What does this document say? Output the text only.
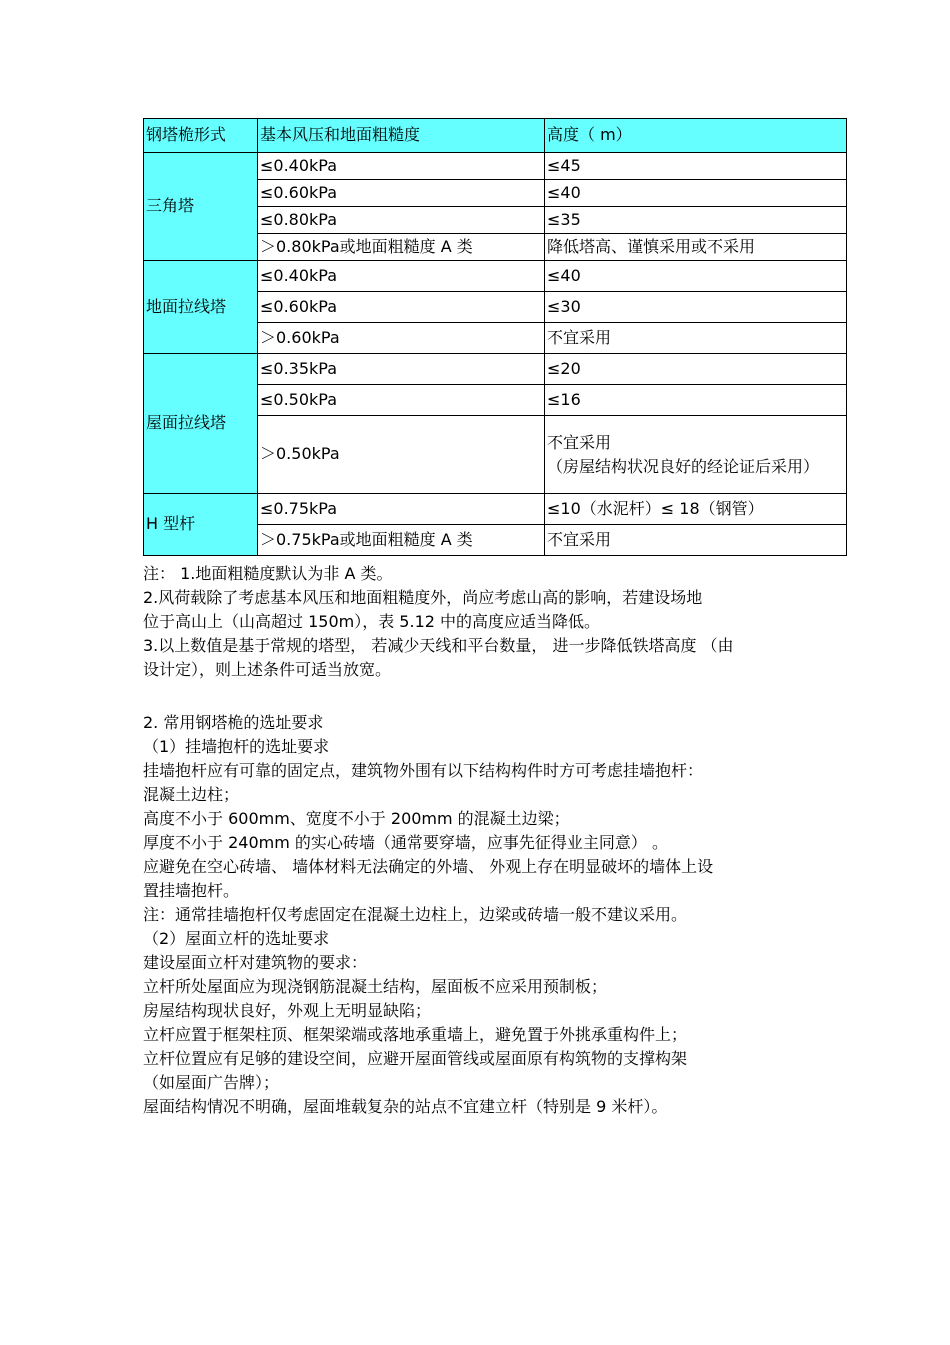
钢塔桅形式	基本风压和地面粗糙度	高度（ m）
三角塔	≤0.40kPa	≤45
	≤0.60kPa	≤40
	≤0.80kPa	≤35
	＞0.80kPa或地面粗糙度 A 类	降低塔高、谨慎采用或不采用
地面拉线塔	≤0.40kPa	≤40
	≤0.60kPa	≤30
	＞0.60kPa	不宜采用
屋面拉线塔	≤0.35kPa	≤20
	≤0.50kPa	≤16
	＞0.50kPa	不宜采用
（房屋结构状况良好的经论证后采用）
H 型杆	≤0.75kPa	≤10（水泥杆）≤ 18（钢管）
	＞0.75kPa或地面粗糙度 A 类	不宜采用

注： 1.地面粗糙度默认为非 A 类。

2.风荷载除了考虑基本风压和地面粗糙度外，尚应考虑山高的影响，若建设场地

位于高山上（山高超过 150m），表 5.12 中的高度应适当降低。

3.以上数值是基于常规的塔型， 若减少天线和平台数量， 进一步降低铁塔高度 （由

设计定），则上述条件可适当放宽。

2. 常用钢塔桅的选址要求

（1）挂墙抱杆的选址要求

挂墙抱杆应有可靠的固定点，建筑物外围有以下结构构件时方可考虑挂墙抱杆：

混凝土边柱；

高度不小于 600mm、宽度不小于 200mm 的混凝土边梁；

厚度不小于 240mm 的实心砖墙（通常要穿墙，应事先征得业主同意） 。

应避免在空心砖墙、 墙体材料无法确定的外墙、 外观上存在明显破坏的墙体上设

置挂墙抱杆。

注：通常挂墙抱杆仅考虑固定在混凝土边柱上，边梁或砖墙一般不建议采用。

（2）屋面立杆的选址要求

建设屋面立杆对建筑物的要求：

立杆所处屋面应为现浇钢筋混凝土结构，屋面板不应采用预制板；

房屋结构现状良好，外观上无明显缺陷；

立杆应置于框架柱顶、框架梁端或落地承重墙上，避免置于外挑承重构件上；

立杆位置应有足够的建设空间，应避开屋面管线或屋面原有构筑物的支撑构架

（如屋面广告牌）；

屋面结构情况不明确，屋面堆载复杂的站点不宜建立杆（特别是 9 米杆）。
